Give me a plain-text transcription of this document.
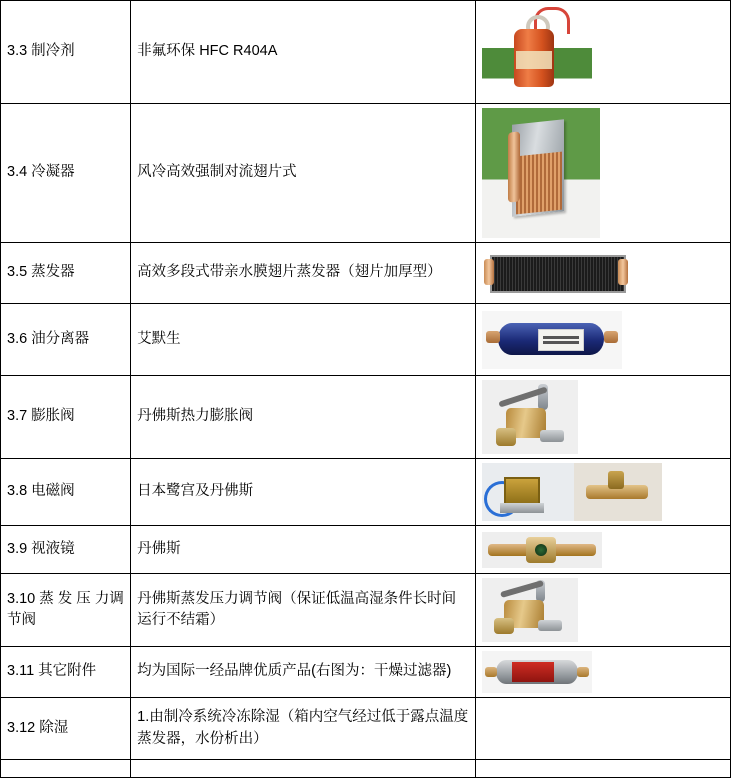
3.3 制冷剂	非氟环保 HFC R404A	

3.4 冷凝器	风冷高效强制对流翅片式	

3.5 蒸发器	高效多段式带亲水膜翅片蒸发器（翅片加厚型）	

3.6 油分离器	艾默生	

3.7 膨胀阀	丹佛斯热力膨胀阀	

3.8 电磁阀	日本鹭宫及丹佛斯	

3.9 视液镜	丹佛斯	

3.10 蒸 发 压 力调节阀	丹佛斯蒸发压力调节阀（保证低温高湿条件长时间运行不结霜）	

3.11 其它附件	均为国际一经品牌优质产品(右图为：干燥过滤器)	

3.12 除湿	1.由制冷系统冷冻除湿（箱内空气经过低于露点温度蒸发器，水份析出）	
